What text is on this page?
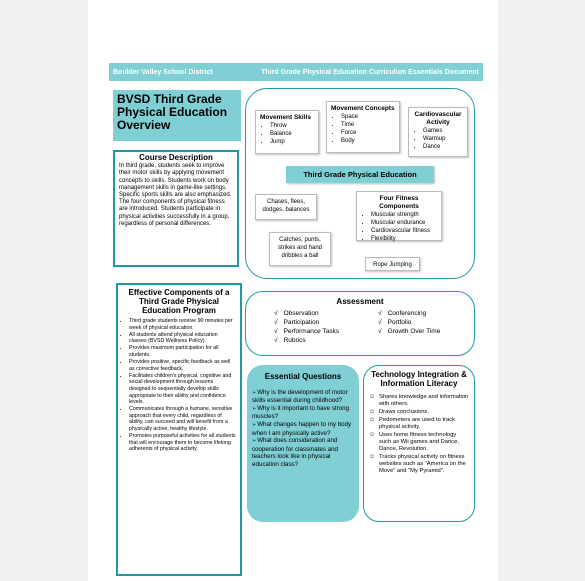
Boulder Valley School District	Third Grade Physical Education Curriculum Essentials Document
BVSD Third Grade Physical Education Overview
Course Description
In third grade, students seek to improve their motor skills by applying movement concepts to skills. Students work on body management skills in game-like settings. Specific sports skills are also emphasized. The four components of physical fitness are introduced. Students participate in physical activities successfully in a group, regardless of personal differences.
Movement Skills
• Throw
• Balance
• Jump
Movement Concepts
• Space
• Time
• Force
• Body
Cardiovascular Activity
• Games
• Warmup
• Dance
Third Grade Physical Education
Chases, flees, dodges, balances
Four Fitness Components
• Muscular strength
• Muscular endurance
• Cardiovascular fitness
• Flexibility
Catches, punts, strikes and hand dribbles a ball
Rope Jumping
Effective Components of a Third Grade Physical Education Program
• Third grade students receive 90 minutes per week of physical education.
• All students attend physical education classes (BVSD Wellness Policy).
• Provides maximum participation for all students.
• Provides positive, specific feedback as well as corrective feedback.
• Facilitates children's physical, cognitive and social development through lessons designed to sequentially develop skills appropriate to their ability and confidence levels.
• Communicates through a humane, sensitive approach that every child, regardless of ability, can succeed and will benefit from a physically active, healthy lifestyle.
• Promotes purposeful activities for all students that will encourage them to become lifelong adherents of physical activity.
Assessment
√ Observation
√ Participation
√ Performance Tasks
√ Rubrics
√ Conferencing
√ Portfolio
√ Growth Over Time
Essential Questions
➢ Why is the development of motor skills essential during childhood?
➢ Why is it important to have strong muscles?
➢ What changes happen to my body when I am physically active?
➢ What does consideration and cooperation for classmates and teachers look like in physical education class?
Technology Integration & Information Literacy
☺ Shares knowledge and information with others.
☺ Draws conclusions.
☺ Pedometers are used to track physical activity.
☺ Uses home fitness technology such as Wii games and Dance, Dance, Revolution.
☺ Tracks physical activity on fitness websites such as "America on the Move" and "My Pyramid".
